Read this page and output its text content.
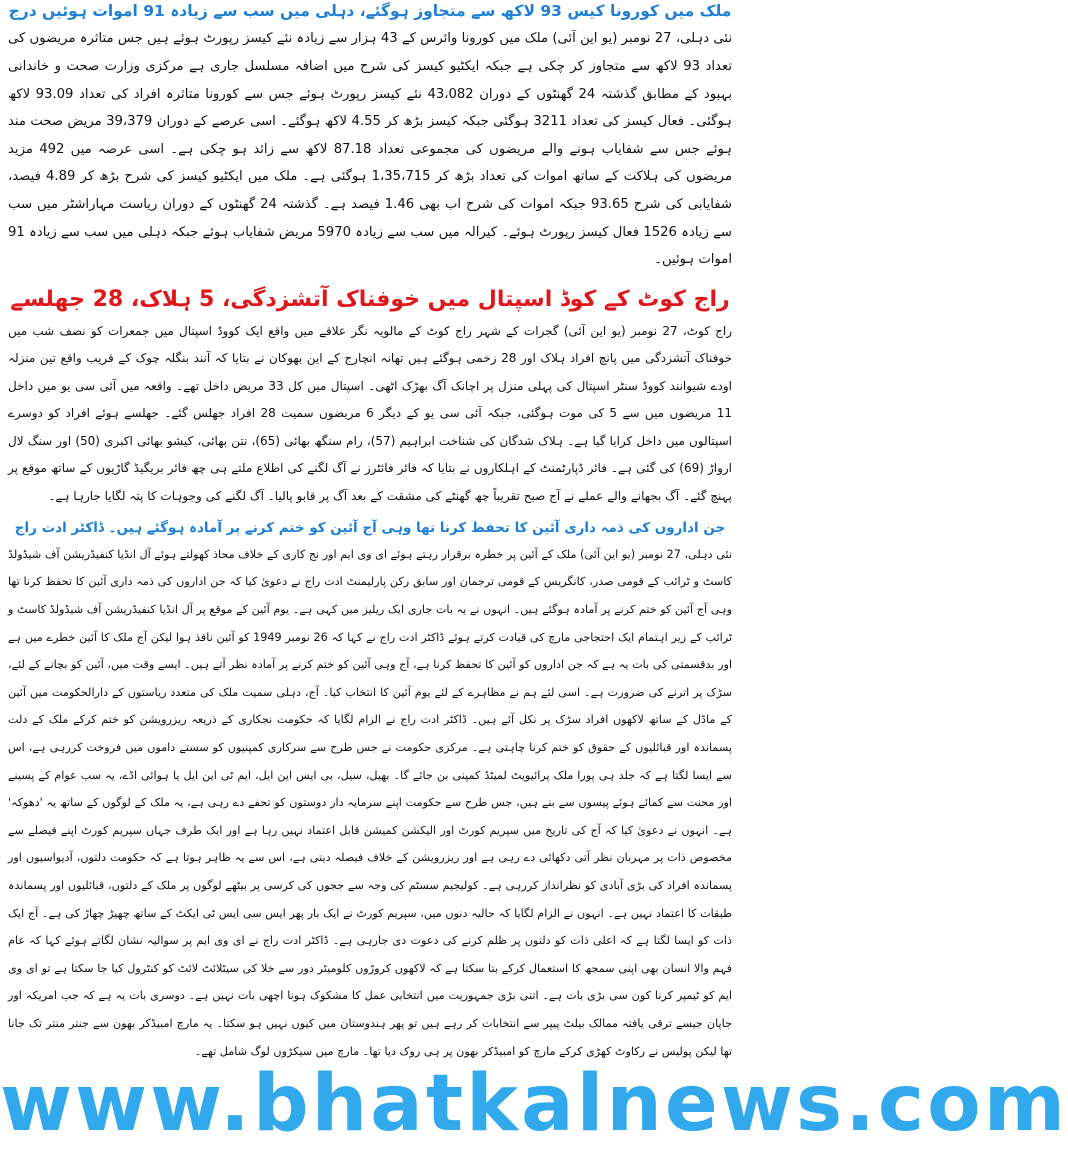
ملک میں کورونا کیس 93 لاکھ سے متجاوز ہوگئے، دہلی میں سب سے زیادہ 91 اموات ہوئیں درج

نئی دہلی، 27 نومبر (یو این آئی) ملک میں کورونا وائرس کے 43 ہزار سے زیادہ نئے کیسز رپورٹ ہوئے ہیں جس متاثرہ مریضوں کی تعداد 93 لاکھ سے متجاوز کر چکی ہے جبکہ ایکٹیو کیسز کی شرح میں اضافہ مسلسل جاری ہے مرکزی وزارت صحت و خاندانی بہبود کے مطابق گذشتہ 24 گھنٹوں کے دوران 43،082 نئے کیسز رپورٹ ہوئے جس سے کورونا متاثرہ افراد کی تعداد 93.09 لاکھ ہوگئی۔ فعال کیسز کی تعداد 3211 ہوگئی جبکہ کیسز بڑھ کر 4.55 لاکھ ہوگئے۔ اسی عرصے کے دوران 39،379 مریض صحت مند ہوئے جس سے شفایاب ہونے والے مریضوں کی مجموعی تعداد 87.18 لاکھ سے زائد ہو چکی ہے۔ اسی عرصہ میں 492 مزید مریضوں کی ہلاکت کے ساتھ اموات کی تعداد بڑھ کر 1،35،715 ہوگئی ہے۔ ملک میں ایکٹیو کیسز کی شرح بڑھ کر 4.89 فیصد، شفایابی کی شرح 93.65 جبکہ اموات کی شرح اب بھی 1.46 فیصد ہے۔ گذشتہ 24 گھنٹوں کے دوران ریاست مہاراشٹر میں سب سے زیادہ 1526 فعال کیسز رپورٹ ہوئے۔ کیرالہ میں سب سے زیادہ 5970 مریض شفایاب ہوئے جبکہ دہلی میں سب سے زیادہ 91 اموات ہوئیں۔

راج کوٹ کے کوڈ اسپتال میں خوفناک آتشزدگی، 5 ہلاک، 28 جھلسے

راج کوٹ، 27 نومبر (یو این آئی) گجرات کے شہر راج کوٹ کے مالویہ نگر علاقے میں واقع ایک کووڈ اسپتال میں جمعرات کو نصف شب میں خوفناک آتشزدگی میں پانچ افراد ہلاک اور 28 زخمی ہوگئے ہیں تھانہ انچارج کے این بھوکان نے بتایا کہ آنند بنگلہ چوک کے قریب واقع تین منزلہ اودے شیوانند کووڈ سنٹر اسپتال کی پہلی منزل پر اچانک آگ بھڑک اٹھی۔ اسپتال میں کل 33 مریض داخل تھے۔ واقعہ میں آئی سی یو میں داخل 11 مریضوں میں سے 5 کی موت ہوگئی، جبکہ آئی سی یو کے دیگر 6 مریضوں سمیت 28 افراد جھلس گئے۔ جھلسے ہوئے افراد کو دوسرے اسپتالوں میں داخل کرایا گیا ہے۔ ہلاک شدگان کی شناخت ابراہیم (57)، رام سنگھ بھائی (65)، نتن بھائی، کیشو بھائی اکبری (50) اور سنگ لال ارواڑ (69) کی گئی ہے۔ فائر ڈپارٹمنٹ کے اہلکاروں نے بتایا کہ فائر فائٹرز نے آگ لگنے کی اطلاع ملتے ہی چھ فائر بریگیڈ گاڑیوں کے ساتھ موقع پر پہنچ گئے۔ آگ بجھانے والے عملے نے آج صبح تقریباً چھ گھنٹے کی مشقت کے بعد آگ پر قابو پالیا۔ آگ لگنے کی وجوہات کا پتہ لگایا جارہا ہے۔

جن اداروں کی ذمہ داری آئین کا تحفظ کرنا تھا وہی آج آئین کو ختم کرنے پر آمادہ ہوگئے ہیں۔ ڈاکٹر ادت راج

نئی دہلی، 27 نومبر (یو این آئی) ملک کے آئین پر خطرہ برقرار رہتے ہوئے ای وی ایم اور نج کاری کے خلاف محاذ کھولتے ہوئے آل انڈیا کنفیڈریشن آف شیڈولڈ کاسٹ و ٹرائب کے قومی صدر، کانگریس کے قومی ترجمان اور سابق رکن پارلیمنٹ ادت راج نے دعویٰ کیا کہ جن اداروں کی ذمہ داری آئین کا تحفظ کرنا تھا وہی آج آئین کو ختم کرنے پر آمادہ ہوگئے ہیں۔ انہوں نے یہ بات جاری ایک ریلیز میں کہی ہے۔ یوم آئین کے موقع پر آل انڈیا کنفیڈریشن آف شیڈولڈ کاسٹ و ٹرائب کے زیر اہتمام ایک احتجاجی مارچ کی قیادت کرتے ہوئے ڈاکٹر ادت راج نے کہا کہ 26 نومبر 1949 کو آئین نافذ ہوا لیکن آج ملک کا آئین خطرے میں ہے اور بدقسمتی کی بات یہ ہے کہ جن اداروں کو آئین کا تحفظ کرنا ہے، آج وہی آئین کو ختم کرنے پر آمادہ نظر آتے ہیں۔ ایسے وقت میں، آئین کو بچانے کے لئے، سڑک پر اترنے کی ضرورت ہے۔ اسی لئے ہم نے مظاہرے کے لئے یوم آئین کا انتخاب کیا۔ آج، دہلی سمیت ملک کی متعدد ریاستوں کے دارالحکومت میں آئین کے ماڈل کے ساتھ لاکھوں افراد سڑک پر نکل آئے ہیں۔ ڈاکٹر ادت راج نے الزام لگایا کہ حکومت نجکاری کے ذریعہ ریزرویشن کو ختم کرکے ملک کے دلت پسماندہ اور قبائلیوں کے حقوق کو ختم کرنا چاہتی ہے۔ مرکزی حکومت نے جس طرح سے سرکاری کمپنیوں کو سستے داموں میں فروخت کررہی ہے، اس سے ایسا لگتا ہے کہ جلد ہی پورا ملک پرائیویٹ لمیٹڈ کمپنی بن جائے گا۔ بھیل، سیل، بی ایس این ایل، ایم ٹی این ایل یا ہوائی اڈے، یہ سب عوام کے پسینے اور محنت سے کمائے ہوئے پیسوں سے بنے ہیں، جس طرح سے حکومت اپنے سرمایہ دار دوستوں کو تحفے دے رہی ہے، یہ ملک کے لوگوں کے ساتھ یہ 'دھوکہ' ہے۔ انہوں نے دعویٰ کیا کہ آج کی تاریخ میں سپریم کورٹ اور الیکشن کمیشن قابل اعتماد نہیں رہا ہے اور ایک طرف جہاں سپریم کورٹ اپنے فیصلے سے مخصوص ذات پر مہربان نظر آتی دکھائی دے رہی ہے اور ریزرویشن کے خلاف فیصلہ دیتی ہے، اس سے یہ ظاہر ہوتا ہے کہ حکومت دلتوں، آدیواسیوں اور پسماندہ افراد کی بڑی آبادی کو نظرانداز کررہی ہے۔ کولیجیم سسٹم کی وجہ سے ججوں کی کرسی پر بیٹھے لوگوں پر ملک کے دلتوں، قبائلیوں اور پسماندہ طبقات کا اعتماد نہیں ہے۔ انہوں نے الزام لگایا کہ حالیہ دنوں میں، سپریم کورٹ نے ایک بار پھر ایس سی ایس ٹی ایکٹ کے ساتھ چھیڑ چھاڑ کی ہے۔ آج ایک ذات کو ایسا لگتا ہے کہ اعلی ذات کو دلتوں پر ظلم کرنے کی دعوت دی جارہی ہے۔ ڈاکٹر ادت راج نے ای وی ایم پر سوالیہ نشان لگاتے ہوئے کہا کہ عام فہم والا انسان بھی اپنی سمجھ کا استعمال کرکے بتا سکتا ہے کہ لاکھوں کروڑوں کلومیٹر دور سے خلا کی سیٹلائٹ لائٹ کو کنٹرول کیا جا سکتا ہے تو ای وی ایم کو ٹیمپر کرنا کون سی بڑی بات ہے۔ اتنی بڑی جمہوریت میں انتخابی عمل کا مشکوک ہونا اچھی بات نہیں ہے۔ دوسری بات یہ ہے کہ جب امریکہ اور جاپان جیسے ترقی یافتہ ممالک بیلٹ پیپر سے انتخابات کر رہے ہیں تو پھر ہندوستان میں کیوں نہیں ہو سکتا۔ یہ مارچ امبیڈکر بھون سے جنتر منتر تک جانا تھا لیکن پولیس نے رکاوٹ کھڑی کرکے مارچ کو امبیڈکر بھون پر ہی روک دیا تھا۔ مارچ میں سیکڑوں لوگ شامل تھے۔

www.bhatkalnews.com
